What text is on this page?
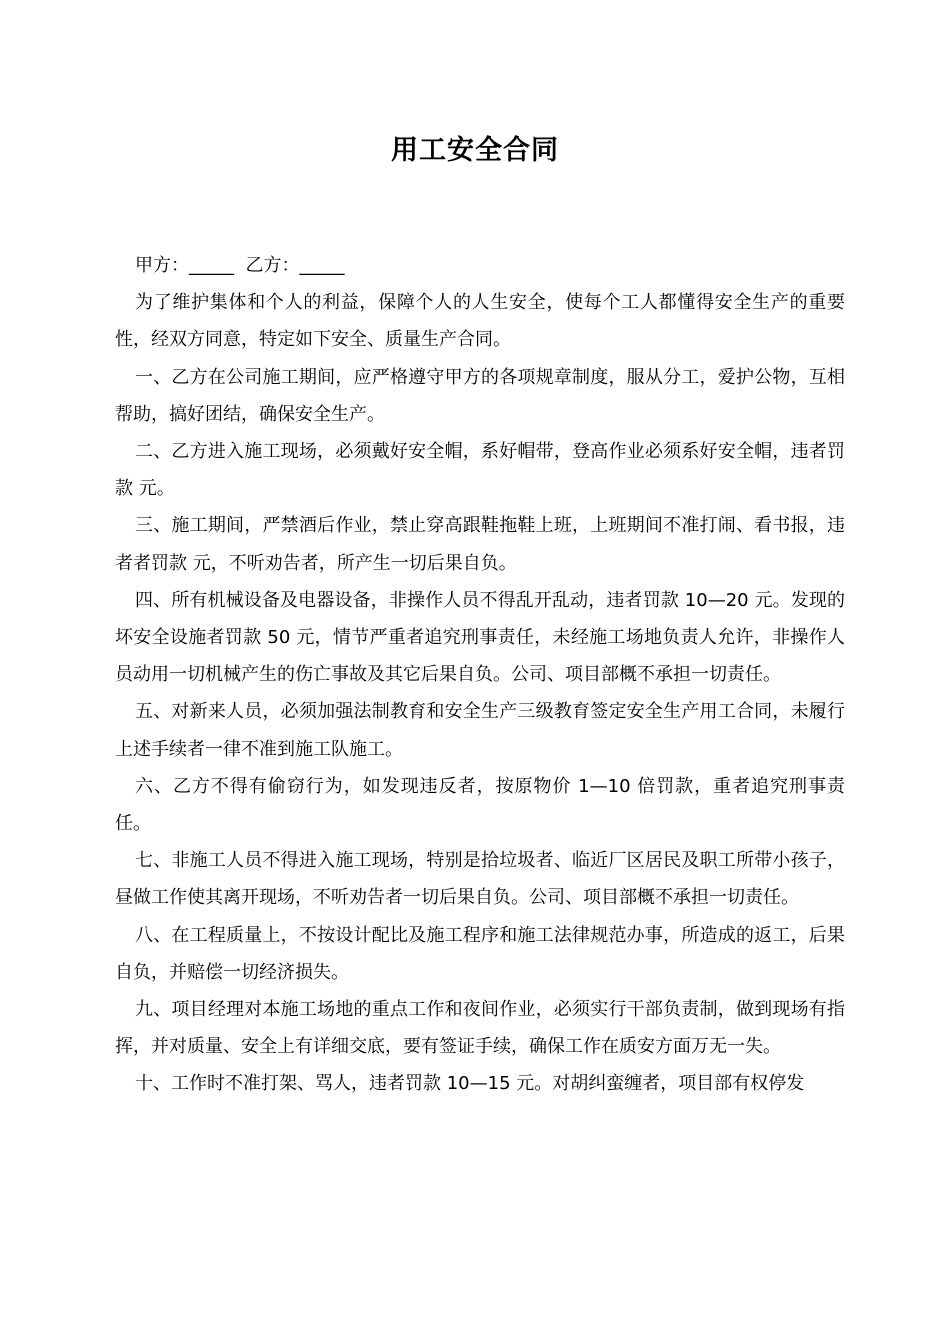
用工安全合同

甲方：_____  乙方：_____

为了维护集体和个人的利益，保障个人的人生安全，使每个工人都懂得安全生产的重要性，经双方同意，特定如下安全、质量生产合同。

一、乙方在公司施工期间，应严格遵守甲方的各项规章制度，服从分工，爱护公物，互相帮助，搞好团结，确保安全生产。

二、乙方进入施工现场，必须戴好安全帽，系好帽带，登高作业必须系好安全帽，违者罚款 元。

三、施工期间，严禁酒后作业，禁止穿高跟鞋拖鞋上班，上班期间不准打闹、看书报，违者者罚款 元，不听劝告者，所产生一切后果自负。

四、所有机械设备及电器设备，非操作人员不得乱开乱动，违者罚款 10—20 元。发现的坏安全设施者罚款 50 元，情节严重者追究刑事责任，未经施工场地负责人允许，非操作人员动用一切机械产生的伤亡事故及其它后果自负。公司、项目部概不承担一切责任。

五、对新来人员，必须加强法制教育和安全生产三级教育签定安全生产用工合同，未履行上述手续者一律不准到施工队施工。

六、乙方不得有偷窃行为，如发现违反者，按原物价 1—10 倍罚款，重者追究刑事责任。

七、非施工人员不得进入施工现场，特别是拾垃圾者、临近厂区居民及职工所带小孩子，昼做工作使其离开现场，不听劝告者一切后果自负。公司、项目部概不承担一切责任。

八、在工程质量上，不按设计配比及施工程序和施工法律规范办事，所造成的返工，后果自负，并赔偿一切经济损失。

九、项目经理对本施工场地的重点工作和夜间作业，必须实行干部负责制，做到现场有指挥，并对质量、安全上有详细交底，要有签证手续，确保工作在质安方面万无一失。

十、工作时不准打架、骂人，违者罚款 10—15 元。对胡纠蛮缠者，项目部有权停发
